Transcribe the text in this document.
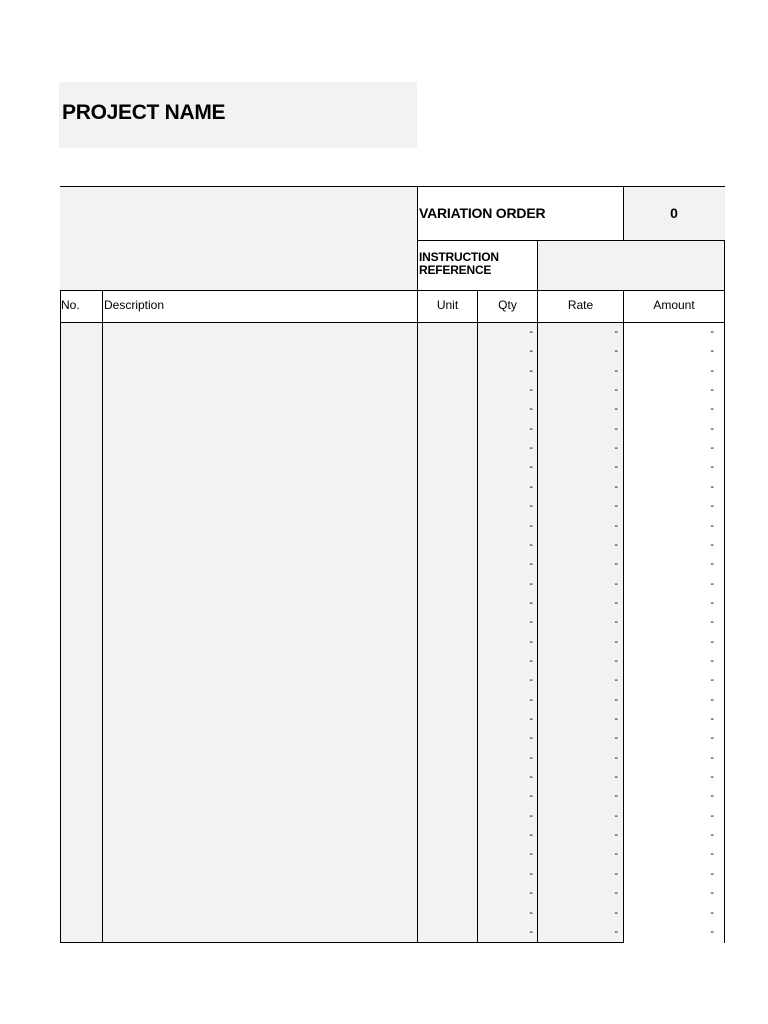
PROJECT NAME
VARIATION ORDER	0
INSTRUCTION
REFERENCE
No. Description	Unit	Qty	Rate	Amount
-	-	-
-	-	-
-	-	-
-	-	-
-	-	-
-	-	-
-	-	-
-	-	-
-	-	-
-	-	-
-	-	-
-	-	-
-	-	-
-	-	-
-	-	-
-	-	-
-	-	-
-	-	-
-	-	-
-	-	-
-	-	-
-	-	-
-	-	-
-	-	-
-	-	-
-	-	-
-	-	-
-	-	-
-	-	-
-	-	-
-	-	-
-	-	-
